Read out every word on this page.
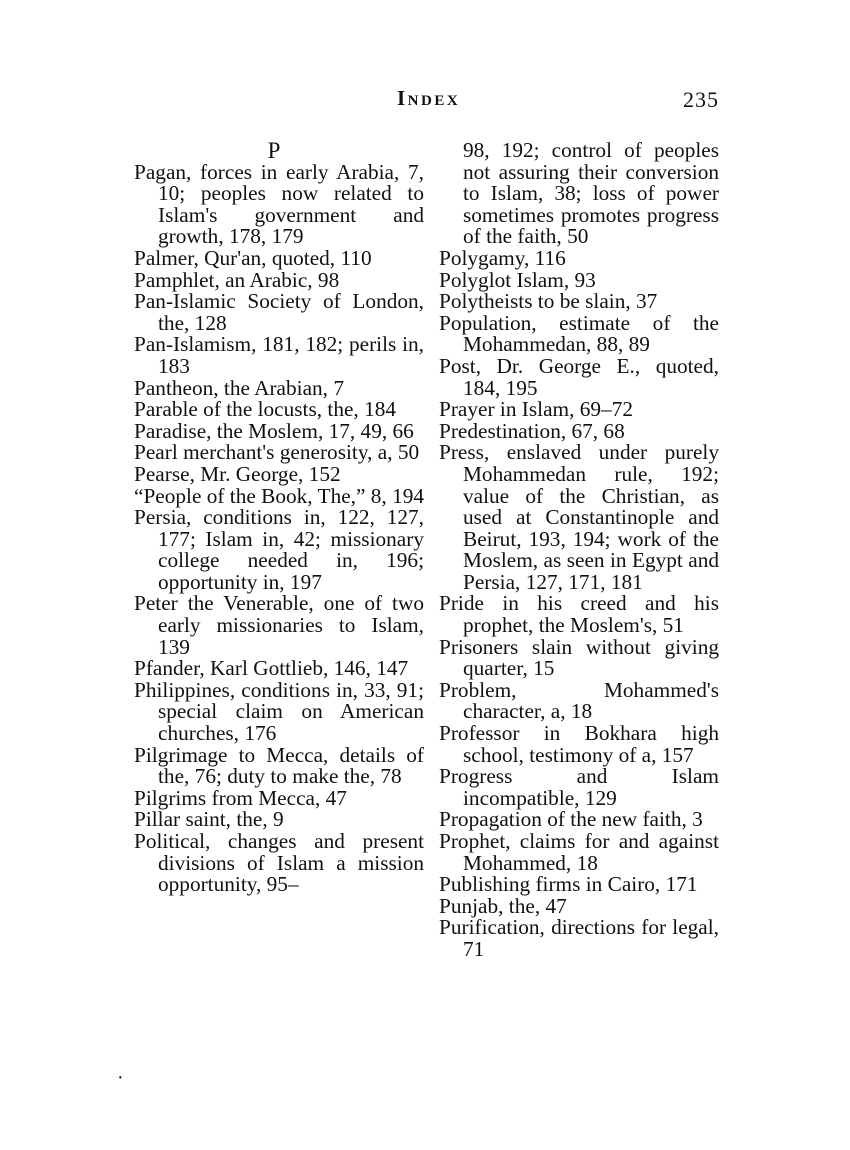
Index	235
P

Pagan, forces in early Arabia, 7, 10; peoples now related to Islam's government and growth, 178, 179

Palmer, Qur'an, quoted, 110

Pamphlet, an Arabic, 98

Pan-Islamic Society of London, the, 128

Pan-Islamism, 181, 182; perils in, 183

Pantheon, the Arabian, 7

Parable of the locusts, the, 184

Paradise, the Moslem, 17, 49, 66

Pearl merchant's generosity, a, 50

Pearse, Mr. George, 152

“People of the Book, The,” 8, 194

Persia, conditions in, 122, 127, 177; Islam in, 42; missionary college needed in, 196; opportunity in, 197

Peter the Venerable, one of two early missionaries to Islam, 139

Pfander, Karl Gottlieb, 146, 147

Philippines, conditions in, 33, 91; special claim on American churches, 176

Pilgrimage to Mecca, details of the, 76; duty to make the, 78

Pilgrims from Mecca, 47

Pillar saint, the, 9

Political, changes and present divisions of Islam a mission opportunity, 95–

98, 192; control of peoples not assuring their conversion to Islam, 38; loss of power sometimes promotes progress of the faith, 50

Polygamy, 116

Polyglot Islam, 93

Polytheists to be slain, 37

Population, estimate of the Mohammedan, 88, 89

Post, Dr. George E., quoted, 184, 195

Prayer in Islam, 69–72

Predestination, 67, 68

Press, enslaved under purely Mohammedan rule, 192; value of the Christian, as used at Constantinople and Beirut, 193, 194; work of the Moslem, as seen in Egypt and Persia, 127, 171, 181

Pride in his creed and his prophet, the Moslem's, 51

Prisoners slain without giving quarter, 15

Problem, Mohammed's character, a, 18

Professor in Bokhara high school, testimony of a, 157

Progress and Islam incompatible, 129

Propagation of the new faith, 3

Prophet, claims for and against Mohammed, 18

Publishing firms in Cairo, 171

Punjab, the, 47

Purification, directions for legal, 71

·
